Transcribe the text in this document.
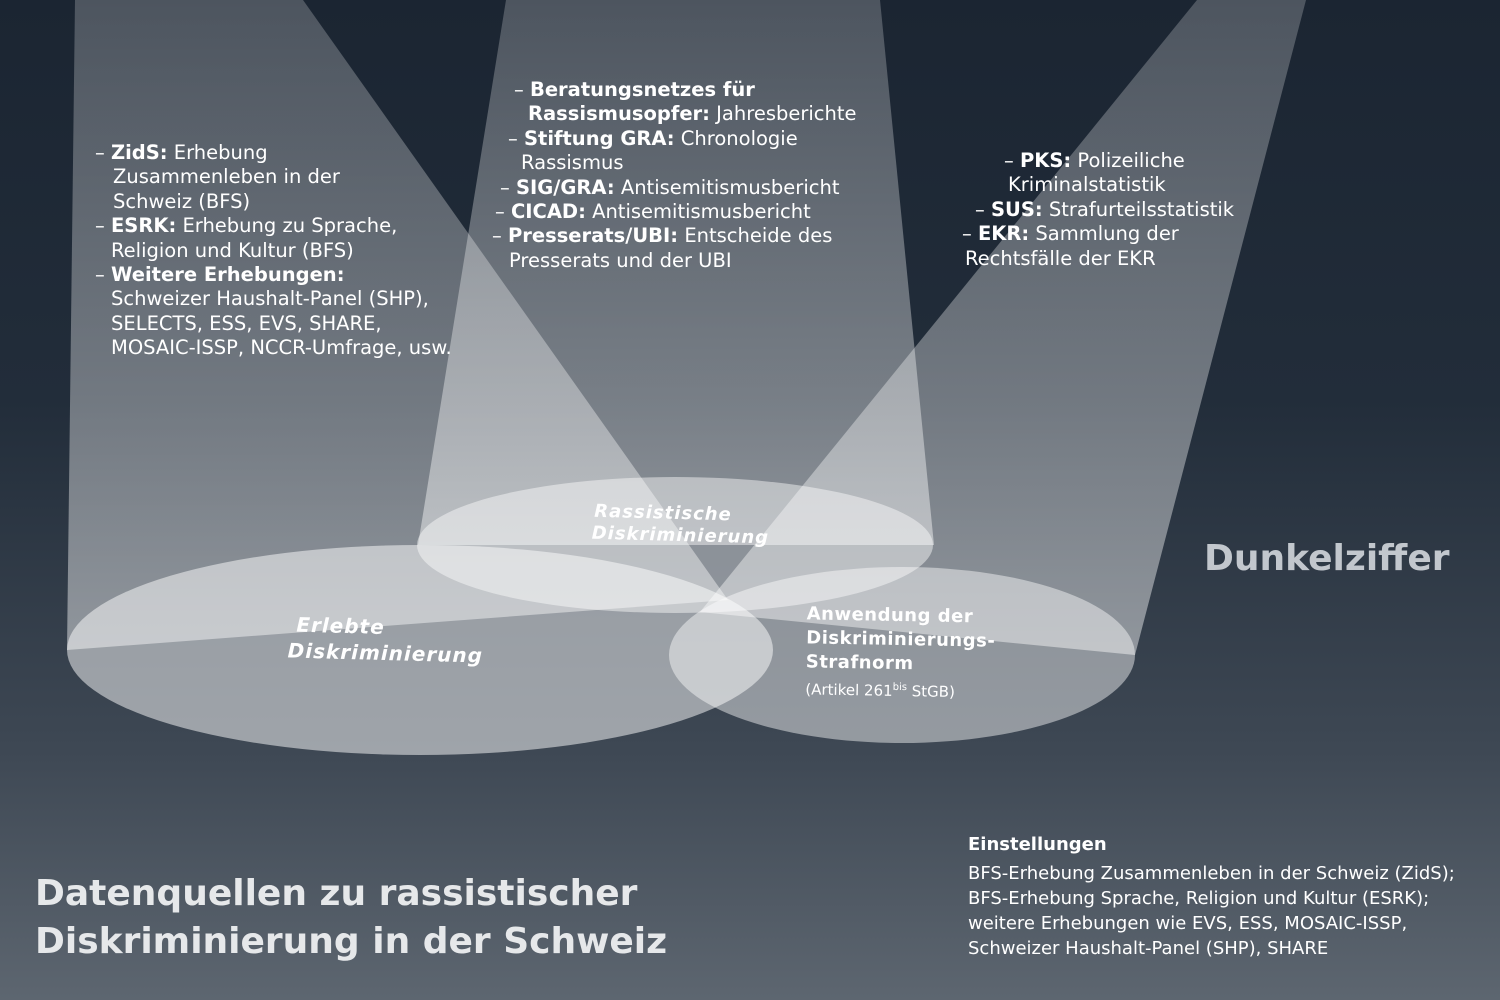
– ZidS: Erhebung
Zusammenleben in der
Schweiz (BFS)
– ESRK: Erhebung zu Sprache,
Religion und Kultur (BFS)
– Weitere Erhebungen:
Schweizer Haushalt-Panel (SHP),
SELECTS, ESS, EVS, SHARE,
MOSAIC-ISSP, NCCR-Umfrage, usw.
– Beratungsnetzes für
Rassismusopfer: Jahresberichte
– Stiftung GRA: Chronologie
Rassismus
– SIG/GRA: Antisemitismusbericht
– CICAD: Antisemitismusbericht
– Presserats/UBI: Entscheide des
Presserats und der UBI
– PKS: Polizeiliche
Kriminalstatistik
– SUS: Strafurteilsstatistik
– EKR: Sammlung der
Rechtsfälle der EKR
Rassistische
Diskriminierung
Erlebte
Diskriminierung
Anwendung der
Diskriminierungs-
Strafnorm
(Artikel $261^{bis}$ StGB)
Dunkelziffer
Einstellungen
BFS-Erhebung Zusammenleben in der Schweiz (ZidS);
BFS-Erhebung Sprache, Religion und Kultur (ESRK);
weitere Erhebungen wie EVS, ESS, MOSAIC-ISSP,
Schweizer Haushalt-Panel (SHP), SHARE
Datenquellen zu rassistischer
Diskriminierung in der Schweiz
